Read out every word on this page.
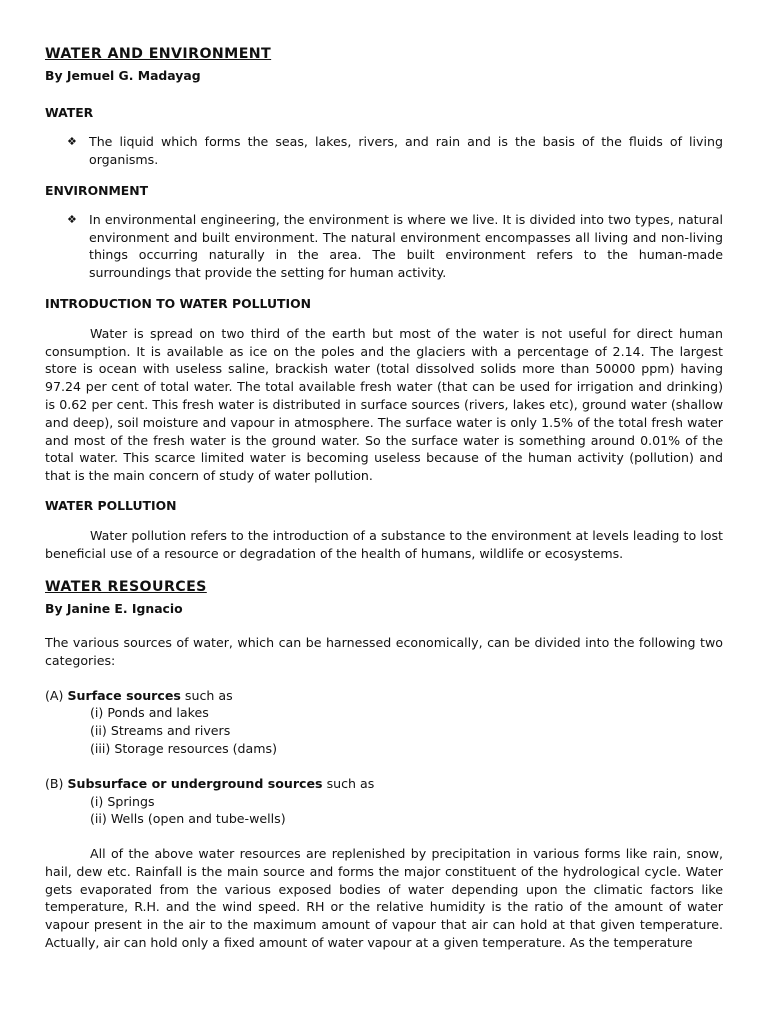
WATER AND ENVIRONMENT
By Jemuel G. Madayag
WATER
❖ The liquid which forms the seas, lakes, rivers, and rain and is the basis of the fluids of living organisms.
ENVIRONMENT
❖ In environmental engineering, the environment is where we live. It is divided into two types, natural environment and built environment. The natural environment encompasses all living and non-living things occurring naturally in the area. The built environment refers to the human-made surroundings that provide the setting for human activity.
INTRODUCTION TO WATER POLLUTION

Water is spread on two third of the earth but most of the water is not useful for direct human consumption. It is available as ice on the poles and the glaciers with a percentage of 2.14. The largest store is ocean with useless saline, brackish water (total dissolved solids more than 50000 ppm) having 97.24 per cent of total water. The total available fresh water (that can be used for irrigation and drinking) is 0.62 per cent. This fresh water is distributed in surface sources (rivers, lakes etc), ground water (shallow and deep), soil moisture and vapour in atmosphere. The surface water is only 1.5% of the total fresh water and most of the fresh water is the ground water. So the surface water is something around 0.01% of the total water. This scarce limited water is becoming useless because of the human activity (pollution) and that is the main concern of study of water pollution.

WATER POLLUTION

Water pollution refers to the introduction of a substance to the environment at levels leading to lost beneficial use of a resource or degradation of the health of humans, wildlife or ecosystems.

WATER RESOURCES
By Janine E. Ignacio

The various sources of water, which can be harnessed economically, can be divided into the following two categories:

(A) Surface sources such as
(i) Ponds and lakes
(ii) Streams and rivers
(iii) Storage resources (dams)
(B) Subsurface or underground sources such as
(i) Springs
(ii) Wells (open and tube-wells)

All of the above water resources are replenished by precipitation in various forms like rain, snow, hail, dew etc. Rainfall is the main source and forms the major constituent of the hydrological cycle. Water gets evaporated from the various exposed bodies of water depending upon the climatic factors like temperature, R.H. and the wind speed. RH or the relative humidity is the ratio of the amount of water vapour present in the air to the maximum amount of vapour that air can hold at that given temperature. Actually, air can hold only a fixed amount of water vapour at a given temperature. As the temperature
